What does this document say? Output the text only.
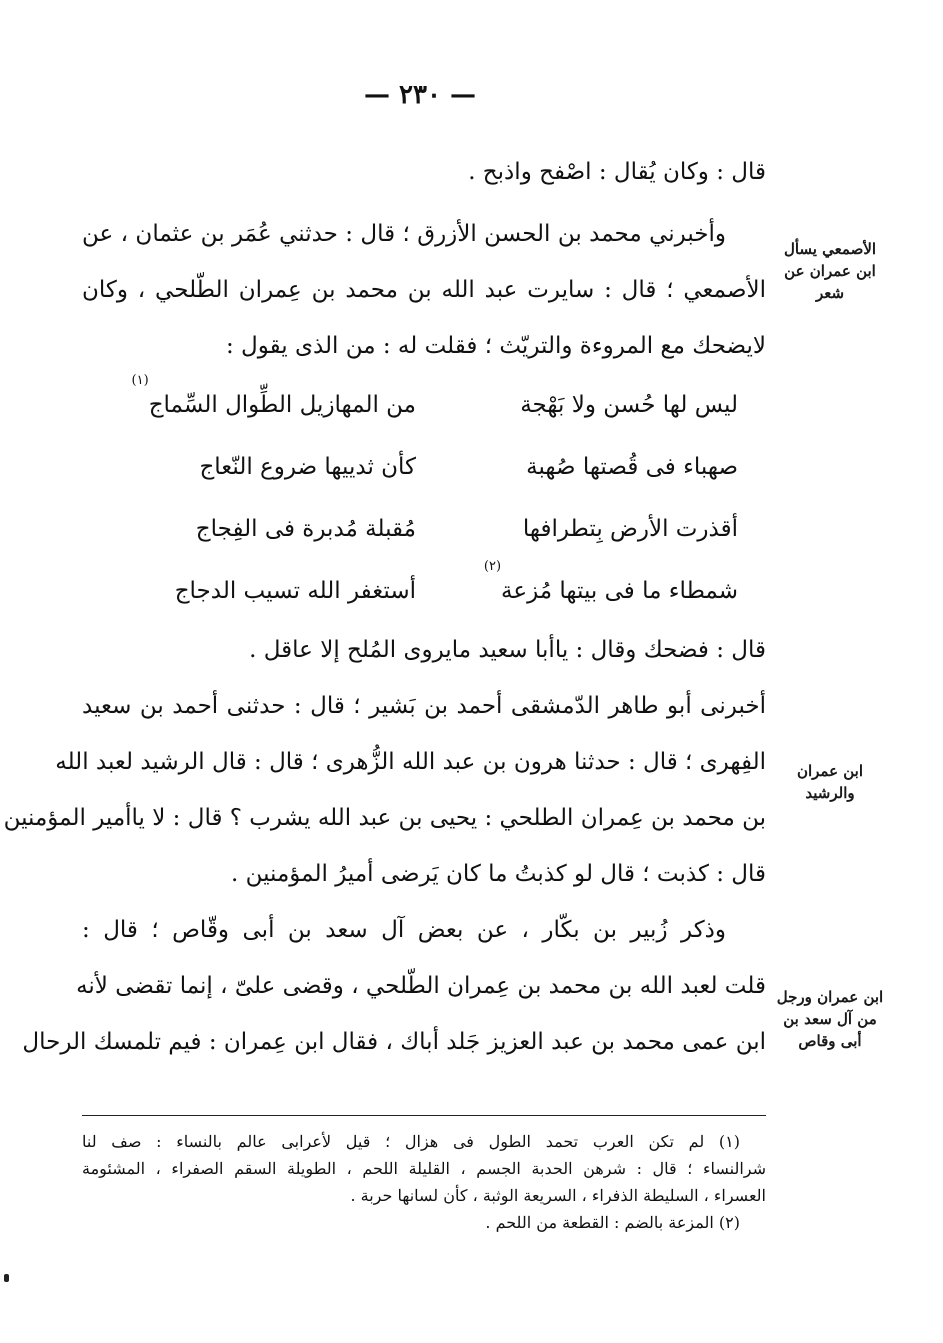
— ٢٣٠ —
الأصمعي يسأل ابن عمران عن شعر
ابن عمران والرشيد
ابن عمران ورجل من آل سعد بن أبى وقاص
قال : وكان يُقال : اصْفح واذبح .
وأخبرني محمد بن الحسن الأزرق ؛ قال : حدثني عُمَر بن عثمان ، عن
الأصمعي ؛ قال : سايرت عبد الله بن محمد بن عِمران الطّلحي ، وكان
لايضحك مع المروءة والتريّث ؛ فقلت له : من الذى يقول :
ليس لها حُسن ولا بَهْجة
من المهازيل الطِّوال السِّماج$^{(١)}$
صهباء فى قُصتها صُهبة
كأن ثدييها ضروع النّعاج
أقذرت الأرض بِتطرافها
مُقبلة مُدبرة فى الفِجاج
شمطاء ما فى بيتها مُزعة$^{(٢)}$
أستغفر الله تسيب الدجاج
قال : فضحك وقال : ياأبا سعيد مايروى المُلح إلا عاقل .
أخبرنى أبو طاهر الدّمشقى أحمد بن بَشير ؛ قال : حدثنى أحمد بن سعيد
الفِهرى ؛ قال : حدثنا هرون بن عبد الله الزُّهرى ؛ قال : قال الرشيد لعبد الله
بن محمد بن عِمران الطلحي : يحيى بن عبد الله يشرب ؟ قال : لا ياأمير المؤمنين
قال : كذبت ؛ قال لو كذبتُ ما كان يَرضى أميرُ المؤمنين .
وذكر زُبير بن بكّار ، عن بعض آل سعد بن أبى وقّاص ؛ قال :
قلت لعبد الله بن محمد بن عِمران الطّلحي ، وقضى علىّ ، إنما تقضى لأنه
ابن عمى محمد بن عبد العزيز جَلد أباك ، فقال ابن عِمران : فيم تلمسك الرحال
(١) لم تكن العرب تحمد الطول فى هزال ؛ قيل لأعرابى عالم بالنساء : صف لنا
شرالنساء ؛ قال : شرهن الحدبة الجسم ، القليلة اللحم ، الطويلة السقم الصفراء ، المشئومة
العسراء ، السليطة الذفراء ، السريعة الوثبة ، كأن لسانها حربة .
(٢) المزعة بالضم : القطعة من اللحم .
